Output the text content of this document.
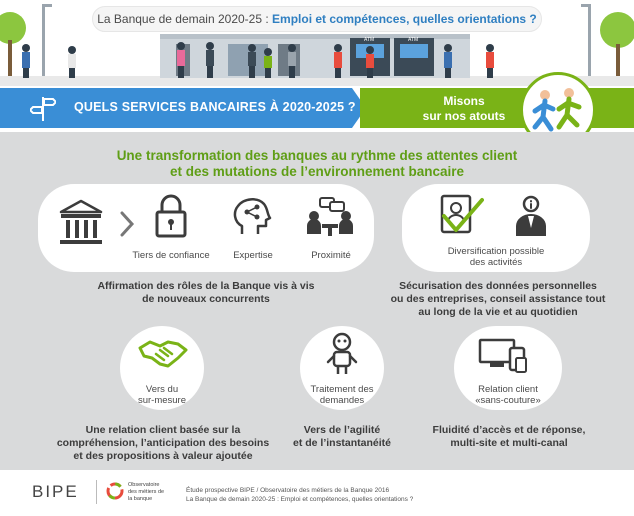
ATM	ATM
La Banque de demain 2020-25 :
Emploi et compétences, quelles orientations ?
QUELS SERVICES BANCAIRES À 2020-2025 ?	Misons
sur nos atouts
Une transformation des banques au rythme des attentes client
et des mutations de l’environnement bancaire
Tiers de confiance	Expertise	Proximité
Affirmation des rôles de la Banque vis à vis
de nouveaux concurrents
Diversification possible
des activités
Sécurisation des données personnelles
ou des entreprises, conseil assistance tout
au long de la vie et au quotidien
Vers du
sur-mesure
Traitement des
demandes
Relation client
«sans-couture»
Une relation client basée sur la
compréhension, l’anticipation des besoins
et des propositions à valeur ajoutée
Vers de l’agilité
et de l’instantanéité
Fluidité d’accès et de réponse,
multi-site et multi-canal
BIPE	Observatoire
des métiers de
la banque
Étude prospective BIPE / Observatoire des métiers de la Banque 2016
La Banque de demain 2020-25 : Emploi et compétences, quelles orientations ?
